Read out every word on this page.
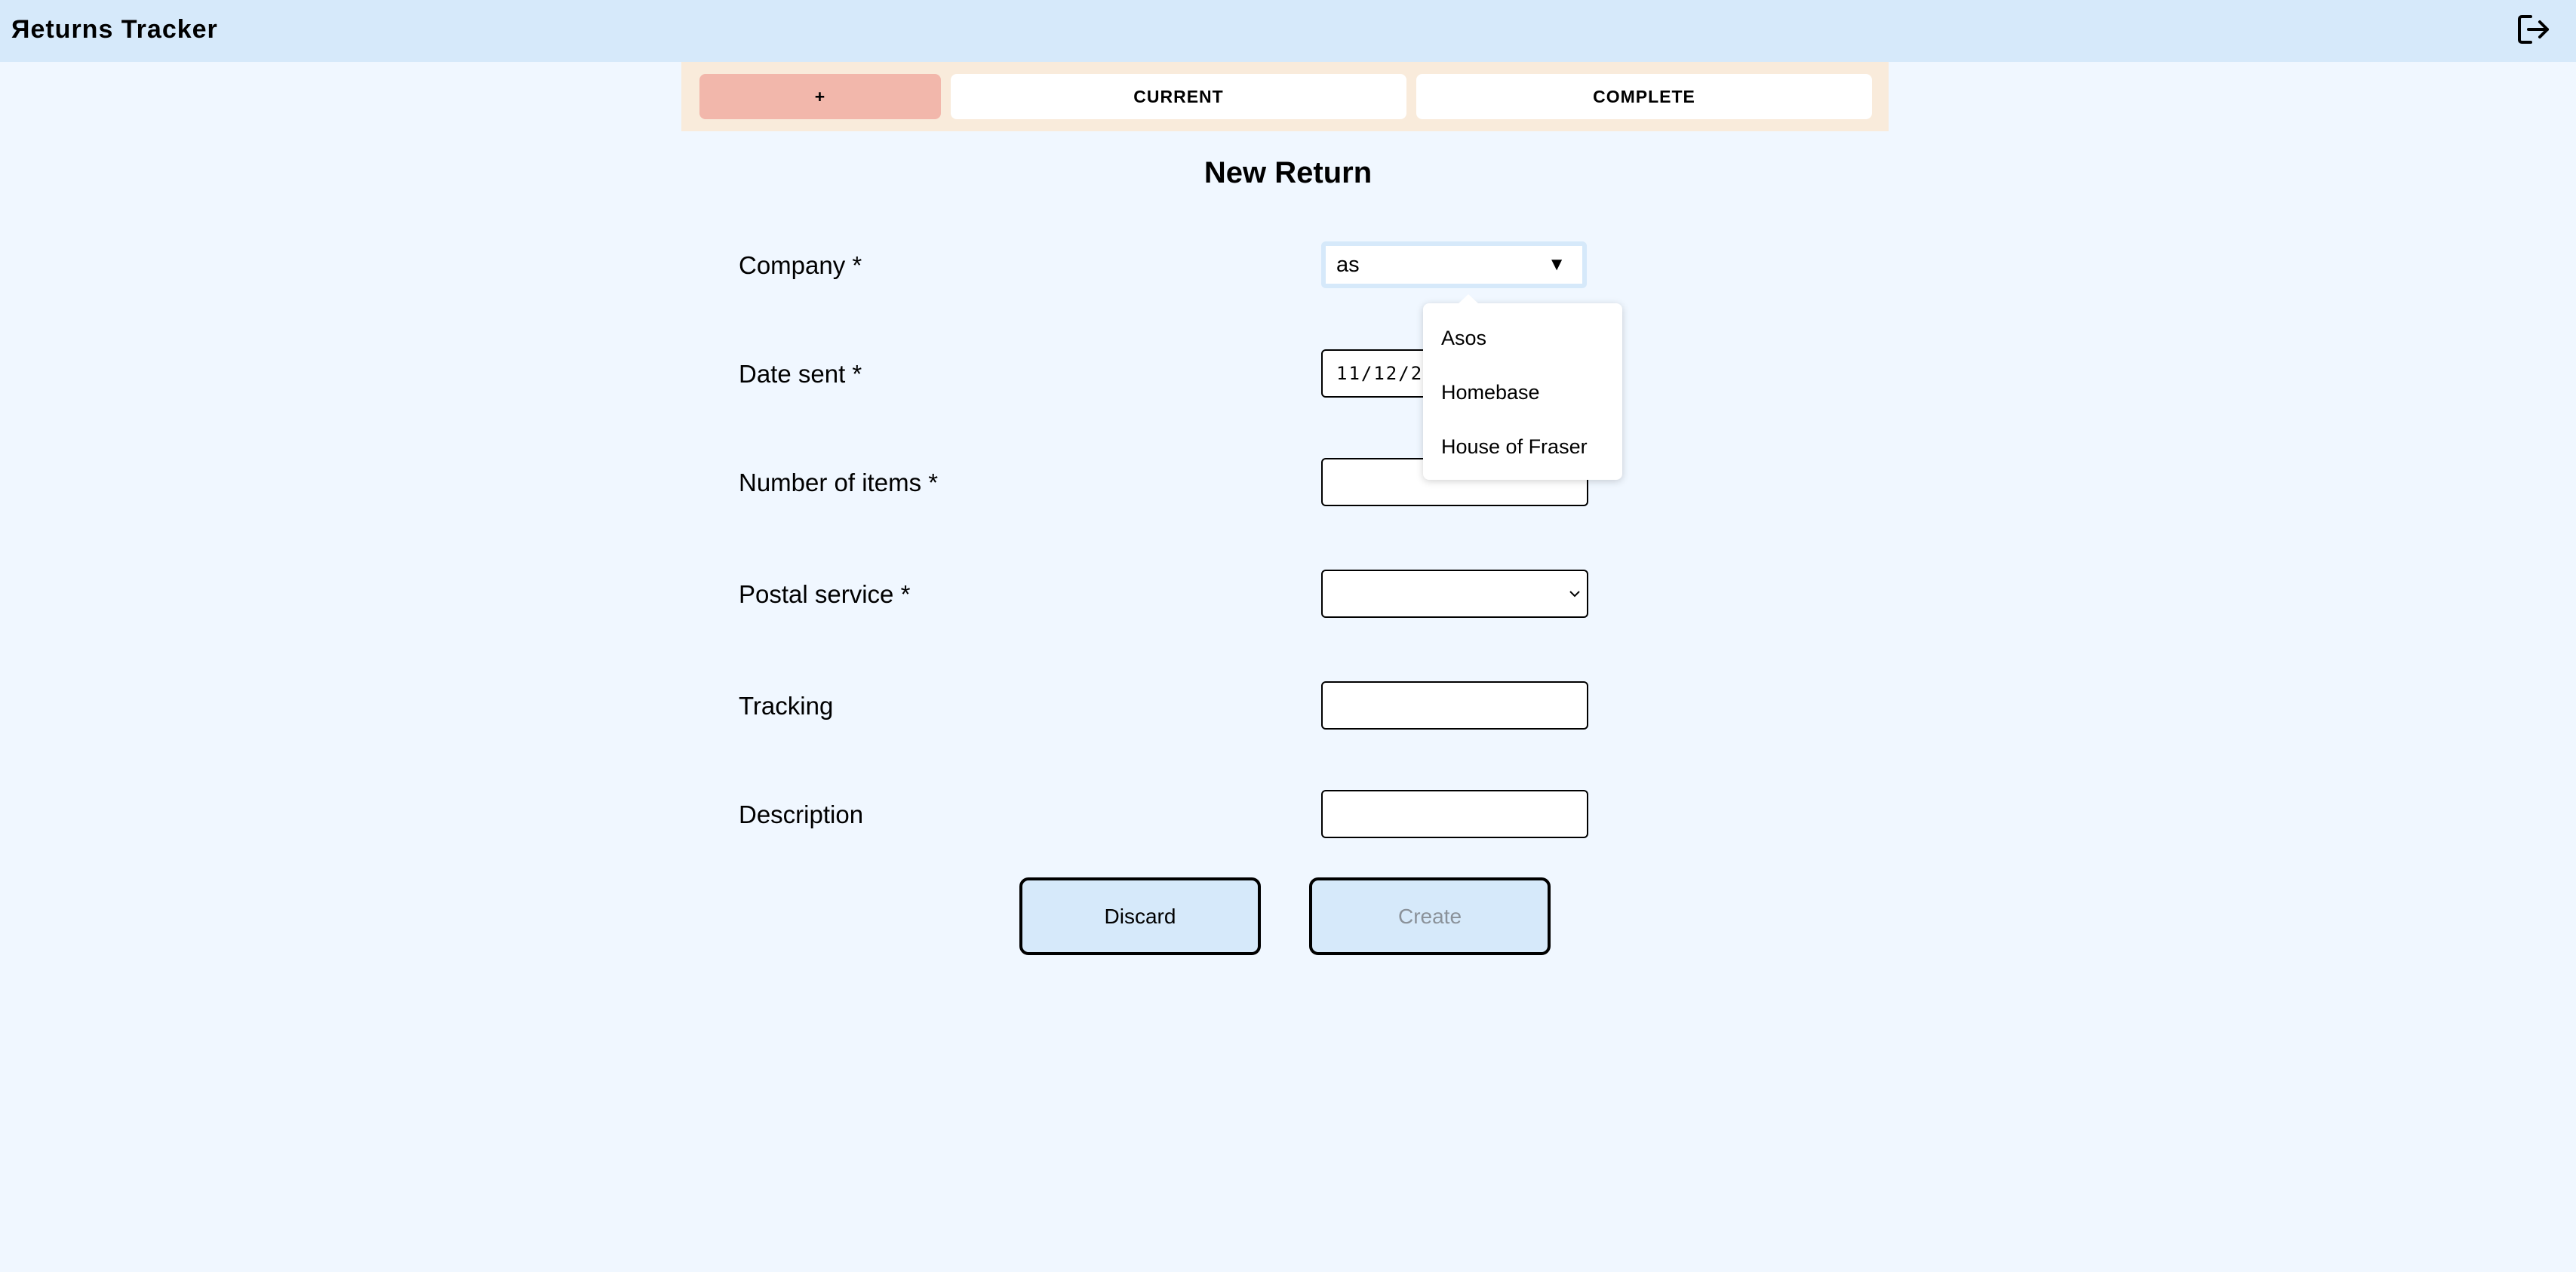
Яeturns Tracker
+	CURRENT	COMPLETE
New Return
Company *	as	▼
Date sent *	11/12/2
Number of items *
Postal service *
Tracking
Description
Asos
Homebase
House of Fraser
Discard	Create
